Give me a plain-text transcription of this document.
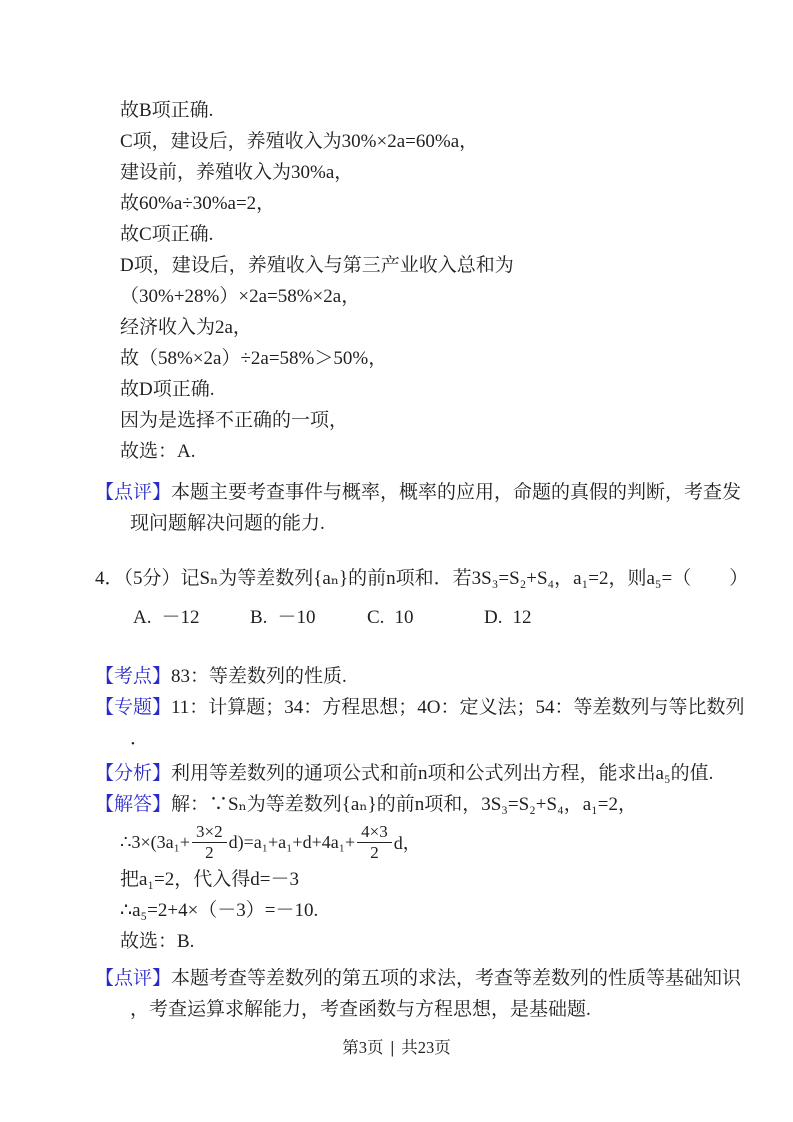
故B项正确.

C项，建设后，养殖收入为30%×2a=60%a，

建设前，养殖收入为30%a，

故60%a÷30%a=2，

故C项正确.

D项，建设后，养殖收入与第三产业收入总和为

（30%+28%）×2a=58%×2a，

经济收入为2a，

故（58%×2a）÷2a=58%＞50%，

故D项正确.

因为是选择不正确的一项，

故选：A.

【点评】本题主要考查事件与概率，概率的应用，命题的真假的判断，考查发

现问题解决问题的能力.

4．（5分）记Sₙ为等差数列{aₙ}的前n项和．若3S₃=S₂+S₄，a₁=2，则a₅=（　　）

A. －12	B. －10	C. 10	D. 12

【考点】83：等差数列的性质.

【专题】11：计算题；34：方程思想；4O：定义法；54：等差数列与等比数列

．

【分析】利用等差数列的通项公式和前n项和公式列出方程，能求出a₅的值.

【解答】解：∵Sₙ为等差数列{aₙ}的前n项和，3S₃=S₂+S₄，a₁=2，

∴3×(3a₁+ $\frac{3\times 2}{2} d)=a_1+a_1+d+4a_1+ \frac{4\times 3}{2}$ d，

把a₁=2，代入得d=－3

∴a₅=2+4×（－3）=－10.

故选：B.

【点评】本题考查等差数列的第五项的求法，考查等差数列的性质等基础知识

，考查运算求解能力，考查函数与方程思想，是基础题.

第3页 | 共23页
